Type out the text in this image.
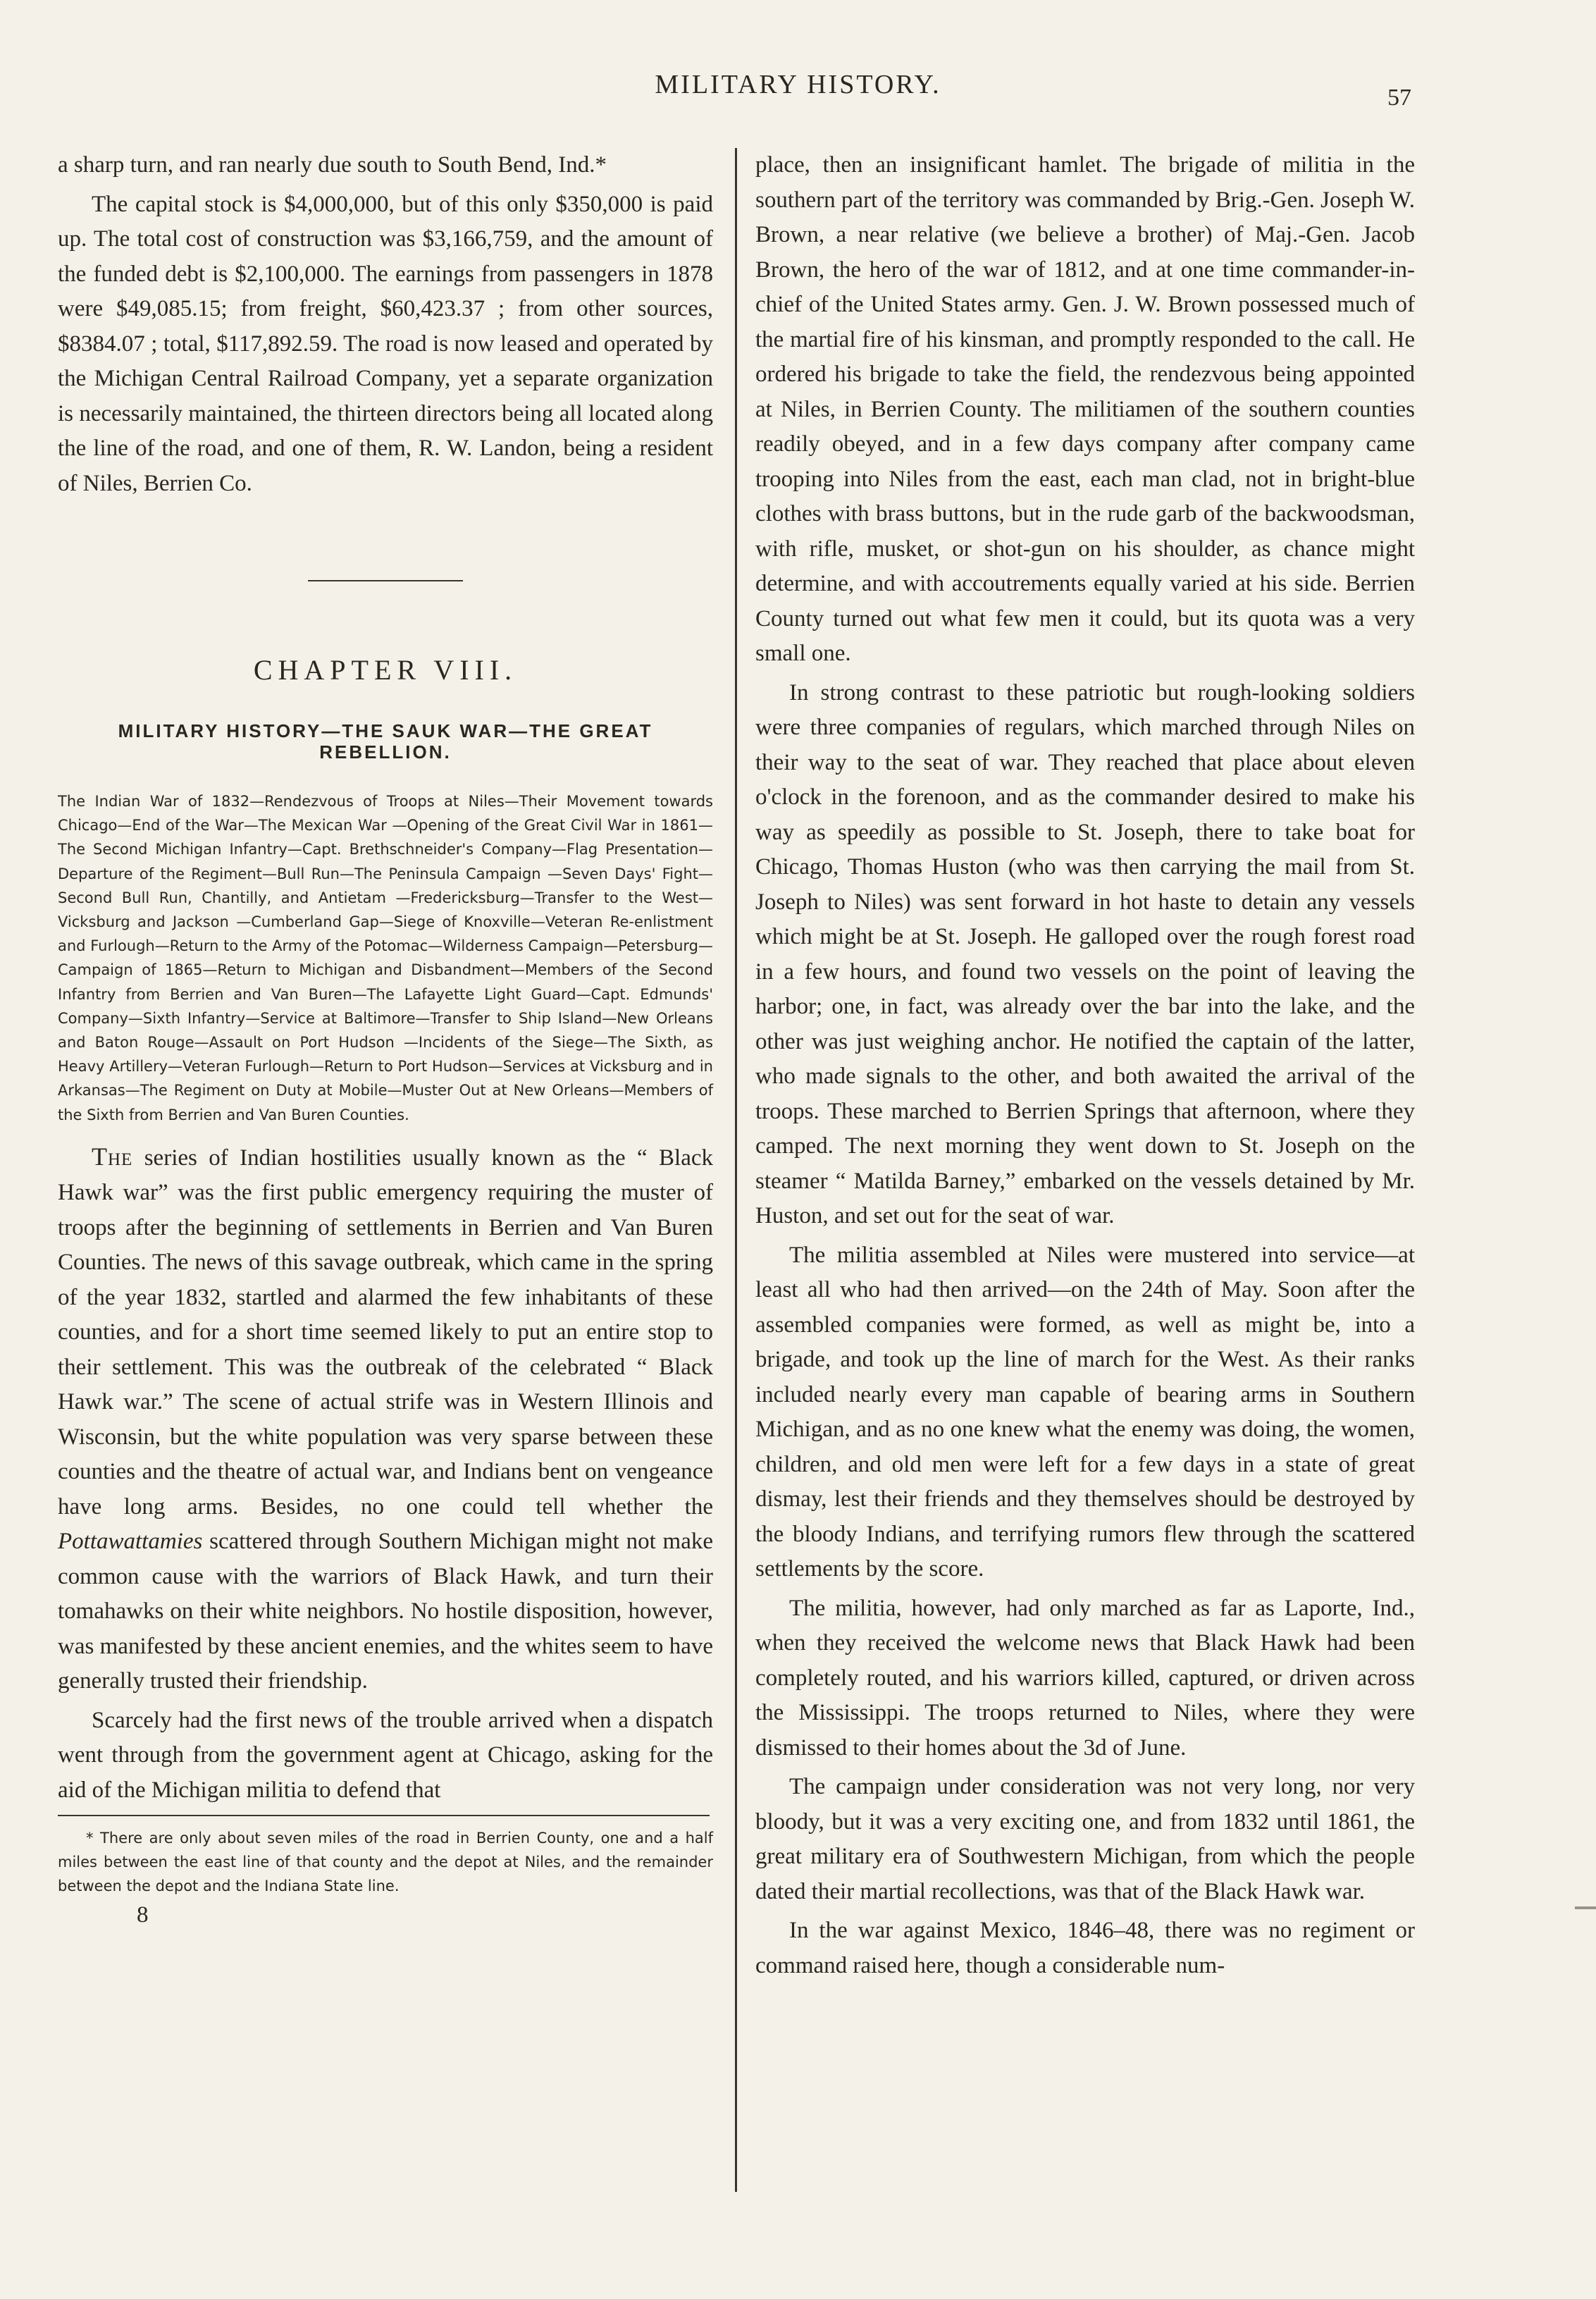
MILITARY HISTORY.	57

a sharp turn, and ran nearly due south to South Bend, Ind.*

The capital stock is $4,000,000, but of this only $350,000 is paid up. The total cost of construction was $3,166,759, and the amount of the funded debt is $2,100,000. The earnings from passengers in 1878 were $49,085.15; from freight, $60,423.37 ; from other sources, $8384.07 ; total, $117,892.59. The road is now leased and operated by the Michigan Central Railroad Company, yet a separate organization is necessarily maintained, the thirteen directors being all located along the line of the road, and one of them, R. W. Landon, being a resident of Niles, Berrien Co.

CHAPTER VIII.
MILITARY HISTORY—THE SAUK WAR—THE GREAT REBELLION.
The Indian War of 1832—Rendezvous of Troops at Niles—Their Movement towards Chicago—End of the War—The Mexican War —Opening of the Great Civil War in 1861—The Second Michigan Infantry—Capt. Brethschneider's Company—Flag Presentation—Departure of the Regiment—Bull Run—The Peninsula Campaign —Seven Days' Fight—Second Bull Run, Chantilly, and Antietam —Fredericksburg—Transfer to the West—Vicksburg and Jackson —Cumberland Gap—Siege of Knoxville—Veteran Re-enlistment and Furlough—Return to the Army of the Potomac—Wilderness Campaign—Petersburg—Campaign of 1865—Return to Michigan and Disbandment—Members of the Second Infantry from Berrien and Van Buren—The Lafayette Light Guard—Capt. Edmunds' Company—Sixth Infantry—Service at Baltimore—Transfer to Ship Island—New Orleans and Baton Rouge—Assault on Port Hudson —Incidents of the Siege—The Sixth, as Heavy Artillery—Veteran Furlough—Return to Port Hudson—Services at Vicksburg and in Arkansas—The Regiment on Duty at Mobile—Muster Out at New Orleans—Members of the Sixth from Berrien and Van Buren Counties.

The series of Indian hostilities usually known as the “ Black Hawk war” was the first public emergency requiring the muster of troops after the beginning of settlements in Berrien and Van Buren Counties. The news of this savage outbreak, which came in the spring of the year 1832, startled and alarmed the few inhabitants of these counties, and for a short time seemed likely to put an entire stop to their settlement. This was the outbreak of the celebrated “ Black Hawk war.” The scene of actual strife was in Western Illinois and Wisconsin, but the white population was very sparse between these counties and the theatre of actual war, and Indians bent on vengeance have long arms. Besides, no one could tell whether the Pottawattamies scattered through Southern Michigan might not make common cause with the warriors of Black Hawk, and turn their tomahawks on their white neighbors. No hostile disposition, however, was manifested by these ancient enemies, and the whites seem to have generally trusted their friendship.

Scarcely had the first news of the trouble arrived when a dispatch went through from the government agent at Chicago, asking for the aid of the Michigan militia to defend that

* There are only about seven miles of the road in Berrien County, one and a half miles between the east line of that county and the depot at Niles, and the remainder between the depot and the Indiana State line.
8

place, then an insignificant hamlet. The brigade of militia in the southern part of the territory was commanded by Brig.-Gen. Joseph W. Brown, a near relative (we believe a brother) of Maj.-Gen. Jacob Brown, the hero of the war of 1812, and at one time commander-in-chief of the United States army. Gen. J. W. Brown possessed much of the martial fire of his kinsman, and promptly responded to the call. He ordered his brigade to take the field, the rendezvous being appointed at Niles, in Berrien County. The militiamen of the southern counties readily obeyed, and in a few days company after company came trooping into Niles from the east, each man clad, not in bright-blue clothes with brass buttons, but in the rude garb of the backwoodsman, with rifle, musket, or shot-gun on his shoulder, as chance might determine, and with accoutrements equally varied at his side. Berrien County turned out what few men it could, but its quota was a very small one.

In strong contrast to these patriotic but rough-looking soldiers were three companies of regulars, which marched through Niles on their way to the seat of war. They reached that place about eleven o'clock in the forenoon, and as the commander desired to make his way as speedily as possible to St. Joseph, there to take boat for Chicago, Thomas Huston (who was then carrying the mail from St. Joseph to Niles) was sent forward in hot haste to detain any vessels which might be at St. Joseph. He galloped over the rough forest road in a few hours, and found two vessels on the point of leaving the harbor; one, in fact, was already over the bar into the lake, and the other was just weighing anchor. He notified the captain of the latter, who made signals to the other, and both awaited the arrival of the troops. These marched to Berrien Springs that afternoon, where they camped. The next morning they went down to St. Joseph on the steamer “ Matilda Barney,” embarked on the vessels detained by Mr. Huston, and set out for the seat of war.

The militia assembled at Niles were mustered into service—at least all who had then arrived—on the 24th of May. Soon after the assembled companies were formed, as well as might be, into a brigade, and took up the line of march for the West. As their ranks included nearly every man capable of bearing arms in Southern Michigan, and as no one knew what the enemy was doing, the women, children, and old men were left for a few days in a state of great dismay, lest their friends and they themselves should be destroyed by the bloody Indians, and terrifying rumors flew through the scattered settlements by the score.

The militia, however, had only marched as far as Laporte, Ind., when they received the welcome news that Black Hawk had been completely routed, and his warriors killed, captured, or driven across the Mississippi. The troops returned to Niles, where they were dismissed to their homes about the 3d of June.

The campaign under consideration was not very long, nor very bloody, but it was a very exciting one, and from 1832 until 1861, the great military era of Southwestern Michigan, from which the people dated their martial recollections, was that of the Black Hawk war.

In the war against Mexico, 1846–48, there was no regiment or command raised here, though a considerable num-
